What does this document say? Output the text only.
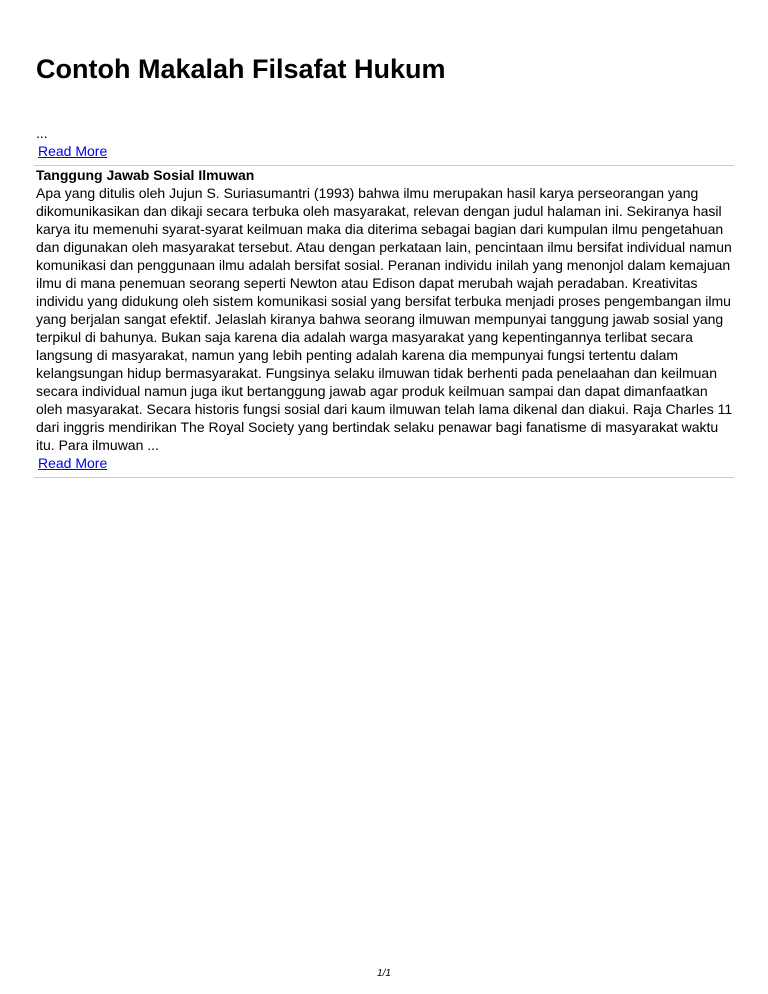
Contoh Makalah Filsafat Hukum

...

Read More

Tanggung Jawab Sosial Ilmuwan

Apa yang ditulis oleh Jujun S. Suriasumantri (1993) bahwa ilmu merupakan hasil karya perseorangan yang dikomunikasikan dan dikaji secara terbuka oleh masyarakat, relevan dengan judul halaman ini. Sekiranya hasil karya itu memenuhi syarat-syarat keilmuan maka dia diterima sebagai bagian dari kumpulan ilmu pengetahuan dan digunakan oleh masyarakat tersebut. Atau dengan perkataan lain, pencintaan ilmu bersifat individual namun komunikasi dan penggunaan ilmu adalah bersifat sosial. Peranan individu inilah yang menonjol dalam kemajuan ilmu di mana penemuan seorang seperti Newton atau Edison dapat merubah wajah peradaban. Kreativitas individu yang didukung oleh sistem komunikasi sosial yang bersifat terbuka menjadi proses pengembangan ilmu yang berjalan sangat efektif. Jelaslah kiranya bahwa seorang ilmuwan mempunyai tanggung jawab sosial yang terpikul di bahunya. Bukan saja karena dia adalah warga masyarakat yang kepentingannya terlibat secara langsung di masyarakat, namun yang lebih penting adalah karena dia mempunyai fungsi tertentu dalam kelangsungan hidup bermasyarakat. Fungsinya selaku ilmuwan tidak berhenti pada penelaahan dan keilmuan secara individual namun juga ikut bertanggung jawab agar produk keilmuan sampai dan dapat dimanfaatkan oleh masyarakat. Secara historis fungsi sosial dari kaum ilmuwan telah lama dikenal dan diakui. Raja Charles 11 dari inggris mendirikan The Royal Society yang bertindak selaku penawar bagi fanatisme di masyarakat waktu itu. Para ilmuwan ...

Read More
1/1
